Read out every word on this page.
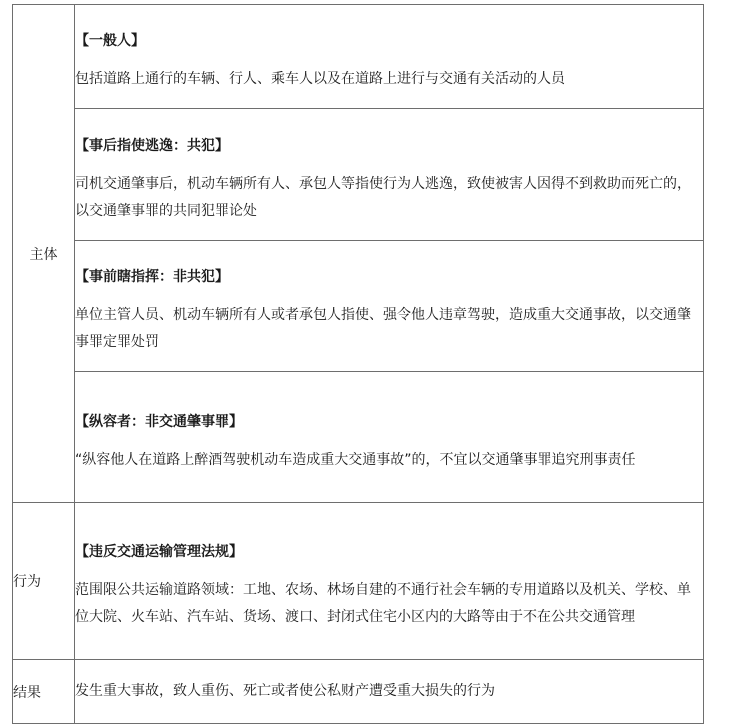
主体	【一般人】

包括道路上通行的车辆、行人、乘车人以及在道路上进行与交通有关活动的人员

	【事后指使逃逸：共犯】

司机交通肇事后，机动车辆所有人、承包人等指使行为人逃逸，致使被害人因得不到救助而死亡的，以交通肇事罪的共同犯罪论处

	【事前瞎指挥：非共犯】

单位主管人员、机动车辆所有人或者承包人指使、强令他人违章驾驶，造成重大交通事故，以交通肇事罪定罪处罚

	【纵容者：非交通肇事罪】

“纵容他人在道路上醉酒驾驶机动车造成重大交通事故”的，不宜以交通肇事罪追究刑事责任

行为	【违反交通运输管理法规】

范围限公共运输道路领域：工地、农场、林场自建的不通行社会车辆的专用道路以及机关、学校、单位大院、火车站、汽车站、货场、渡口、封闭式住宅小区内的大路等由于不在公共交通管理

结果	发生重大事故，致人重伤、死亡或者使公私财产遭受重大损失的行为
